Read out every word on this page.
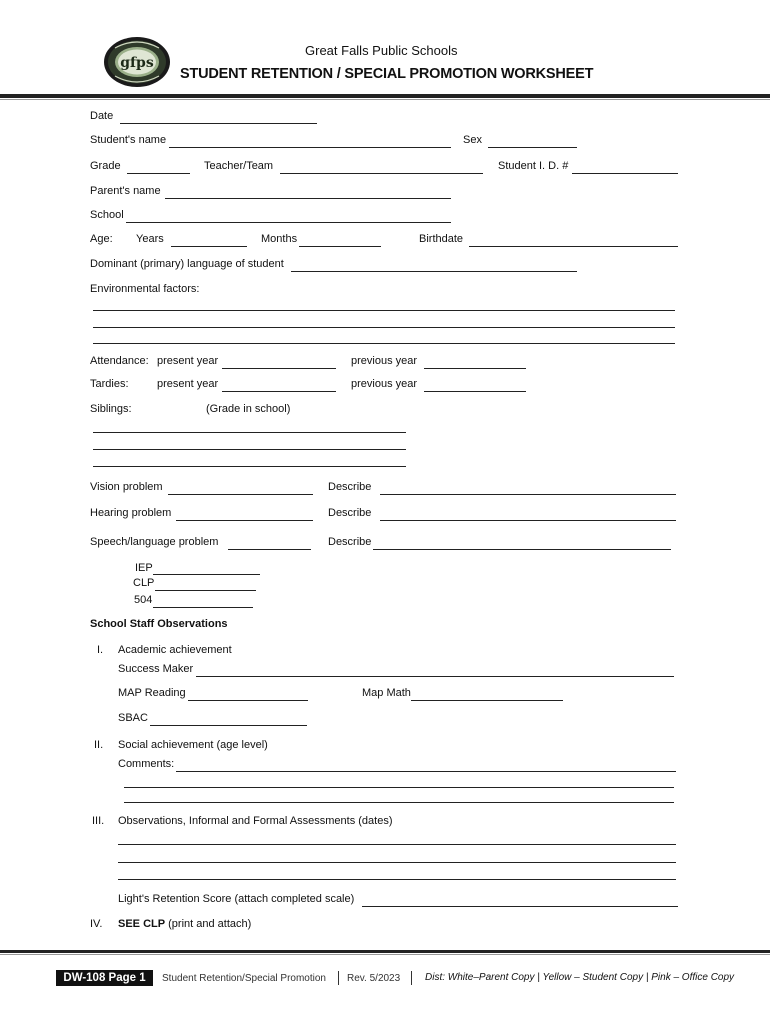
gfps
Great Falls Public Schools
STUDENT RETENTION / SPECIAL PROMOTION WORKSHEET
Date
Student's name	Sex
Grade	Teacher/Team	Student I. D. #
Parent's name
School
Age: Years	Months	Birthdate
Dominant (primary) language of student
Environmental factors:
Attendance: present year	previous year
Tardies:	present year	previous year
Siblings:	(Grade in school)
Vision problem	Describe
Hearing problem	Describe
Speech/language problem	Describe
IEP
CLP
504
School Staff Observations
I. Academic achievement
Success Maker
MAP Reading	Map Math
SBAC
II. Social achievement (age level)
Comments:
III. Observations, Informal and Formal Assessments (dates)
Light's Retention Score (attach completed scale)
IV. SEE CLP (print and attach)
DW-108 Page 1	Student Retention/Special Promotion Rev. 5/2023 Dist: White–Parent Copy | Yellow – Student Copy | Pink – Office Copy
